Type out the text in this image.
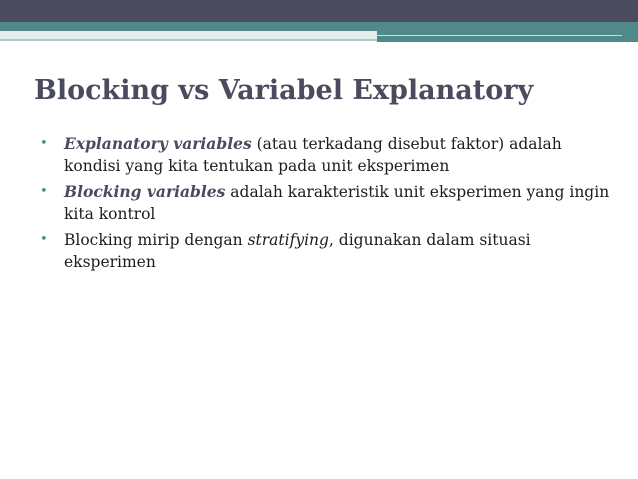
Blocking vs Variabel Explanatory
• Explanatory variables (atau terkadang disebut faktor) adalah kondisi yang kita tentukan pada unit eksperimen
• Blocking variables adalah karakteristik unit eksperimen yang ingin kita kontrol
• Blocking mirip dengan stratifying, digunakan dalam situasi eksperimen
